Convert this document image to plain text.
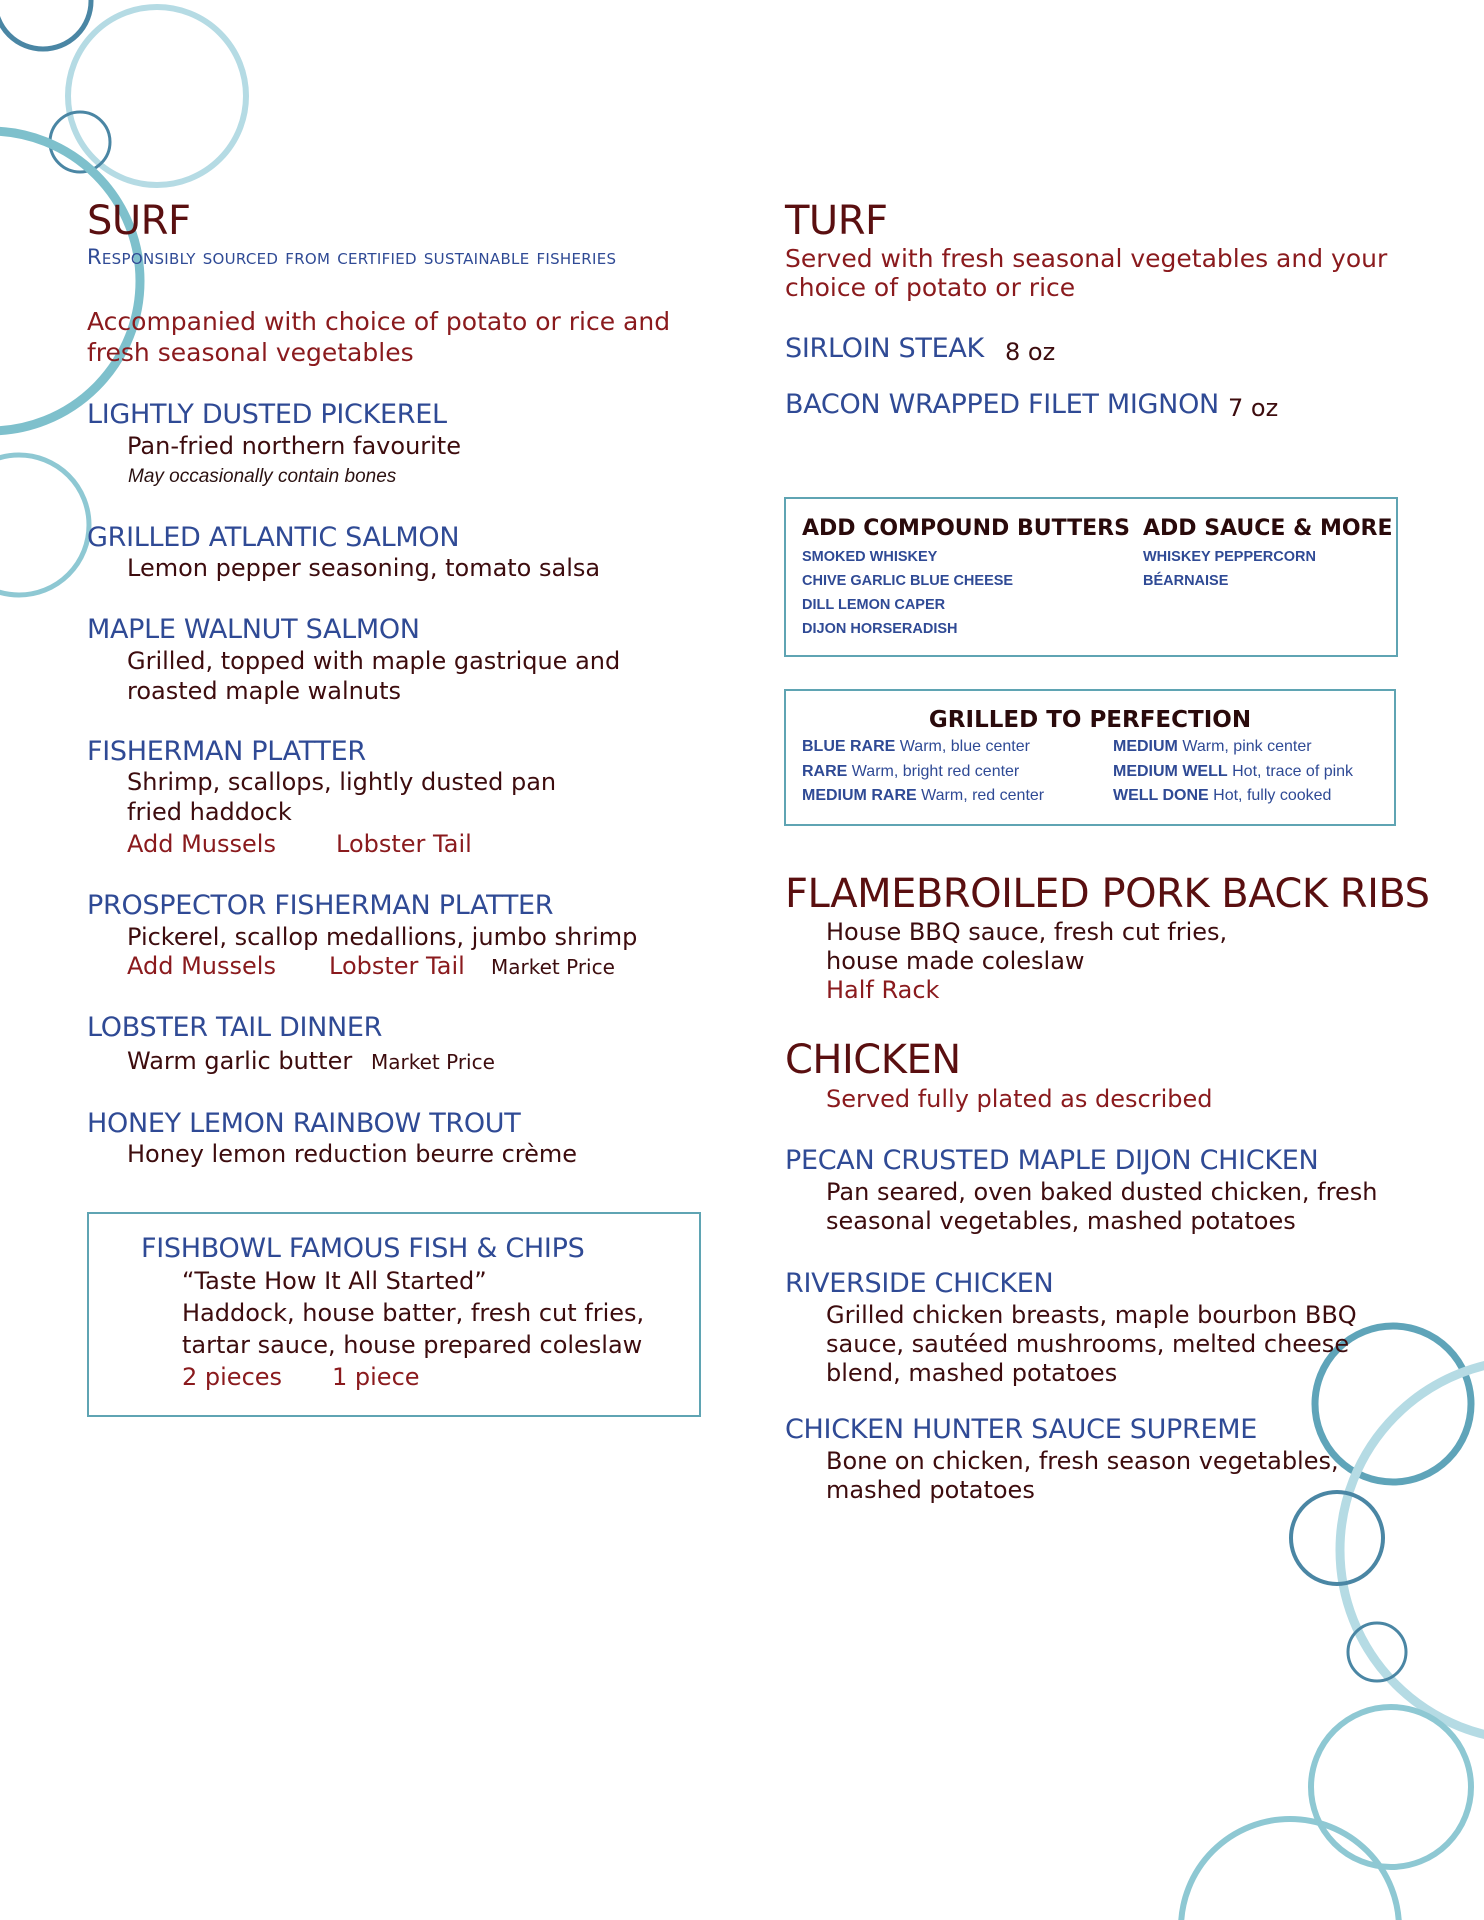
SURF
Responsibly sourced from certified sustainable fisheries
Accompanied with choice of potato or rice and
fresh seasonal vegetables
LIGHTLY DUSTED PICKEREL
Pan-fried northern favourite
May occasionally contain bones
GRILLED ATLANTIC SALMON
Lemon pepper seasoning, tomato salsa
MAPLE WALNUT SALMON
Grilled, topped with maple gastrique and
roasted maple walnuts
FISHERMAN PLATTER
Shrimp, scallops, lightly dusted pan
fried haddock
Add Mussels	Lobster Tail
PROSPECTOR FISHERMAN PLATTER
Pickerel, scallop medallions, jumbo shrimp
Add Mussels Lobster Tail Market Price
LOBSTER TAIL DINNER
Warm garlic butter Market Price
HONEY LEMON RAINBOW TROUT
Honey lemon reduction beurre crème
FISHBOWL FAMOUS FISH & CHIPS
“Taste How It All Started”
Haddock, house batter, fresh cut fries,
tartar sauce, house prepared coleslaw
2 pieces 1 piece
TURF
Served with fresh seasonal vegetables and your
choice of potato or rice
SIRLOIN STEAK 8 oz
BACON WRAPPED FILET MIGNON 7 oz
ADD COMPOUND BUTTERS
SMOKED WHISKEY
CHIVE GARLIC BLUE CHEESE
DILL LEMON CAPER
DIJON HORSERADISH
ADD SAUCE & MORE
WHISKEY PEPPERCORN
BÉARNAISE
GRILLED TO PERFECTION
BLUE RARE Warm, blue center
RARE Warm, bright red center
MEDIUM RARE Warm, red center
MEDIUM Warm, pink center
MEDIUM WELL Hot, trace of pink
WELL DONE Hot, fully cooked
FLAMEBROILED PORK BACK RIBS
House BBQ sauce, fresh cut fries,
house made coleslaw
Half Rack
CHICKEN
Served fully plated as described
PECAN CRUSTED MAPLE DIJON CHICKEN
Pan seared, oven baked dusted chicken, fresh
seasonal vegetables, mashed potatoes
RIVERSIDE CHICKEN
Grilled chicken breasts, maple bourbon BBQ
sauce, sautéed mushrooms, melted cheese
blend, mashed potatoes
CHICKEN HUNTER SAUCE SUPREME
Bone on chicken, fresh season vegetables,
mashed potatoes
